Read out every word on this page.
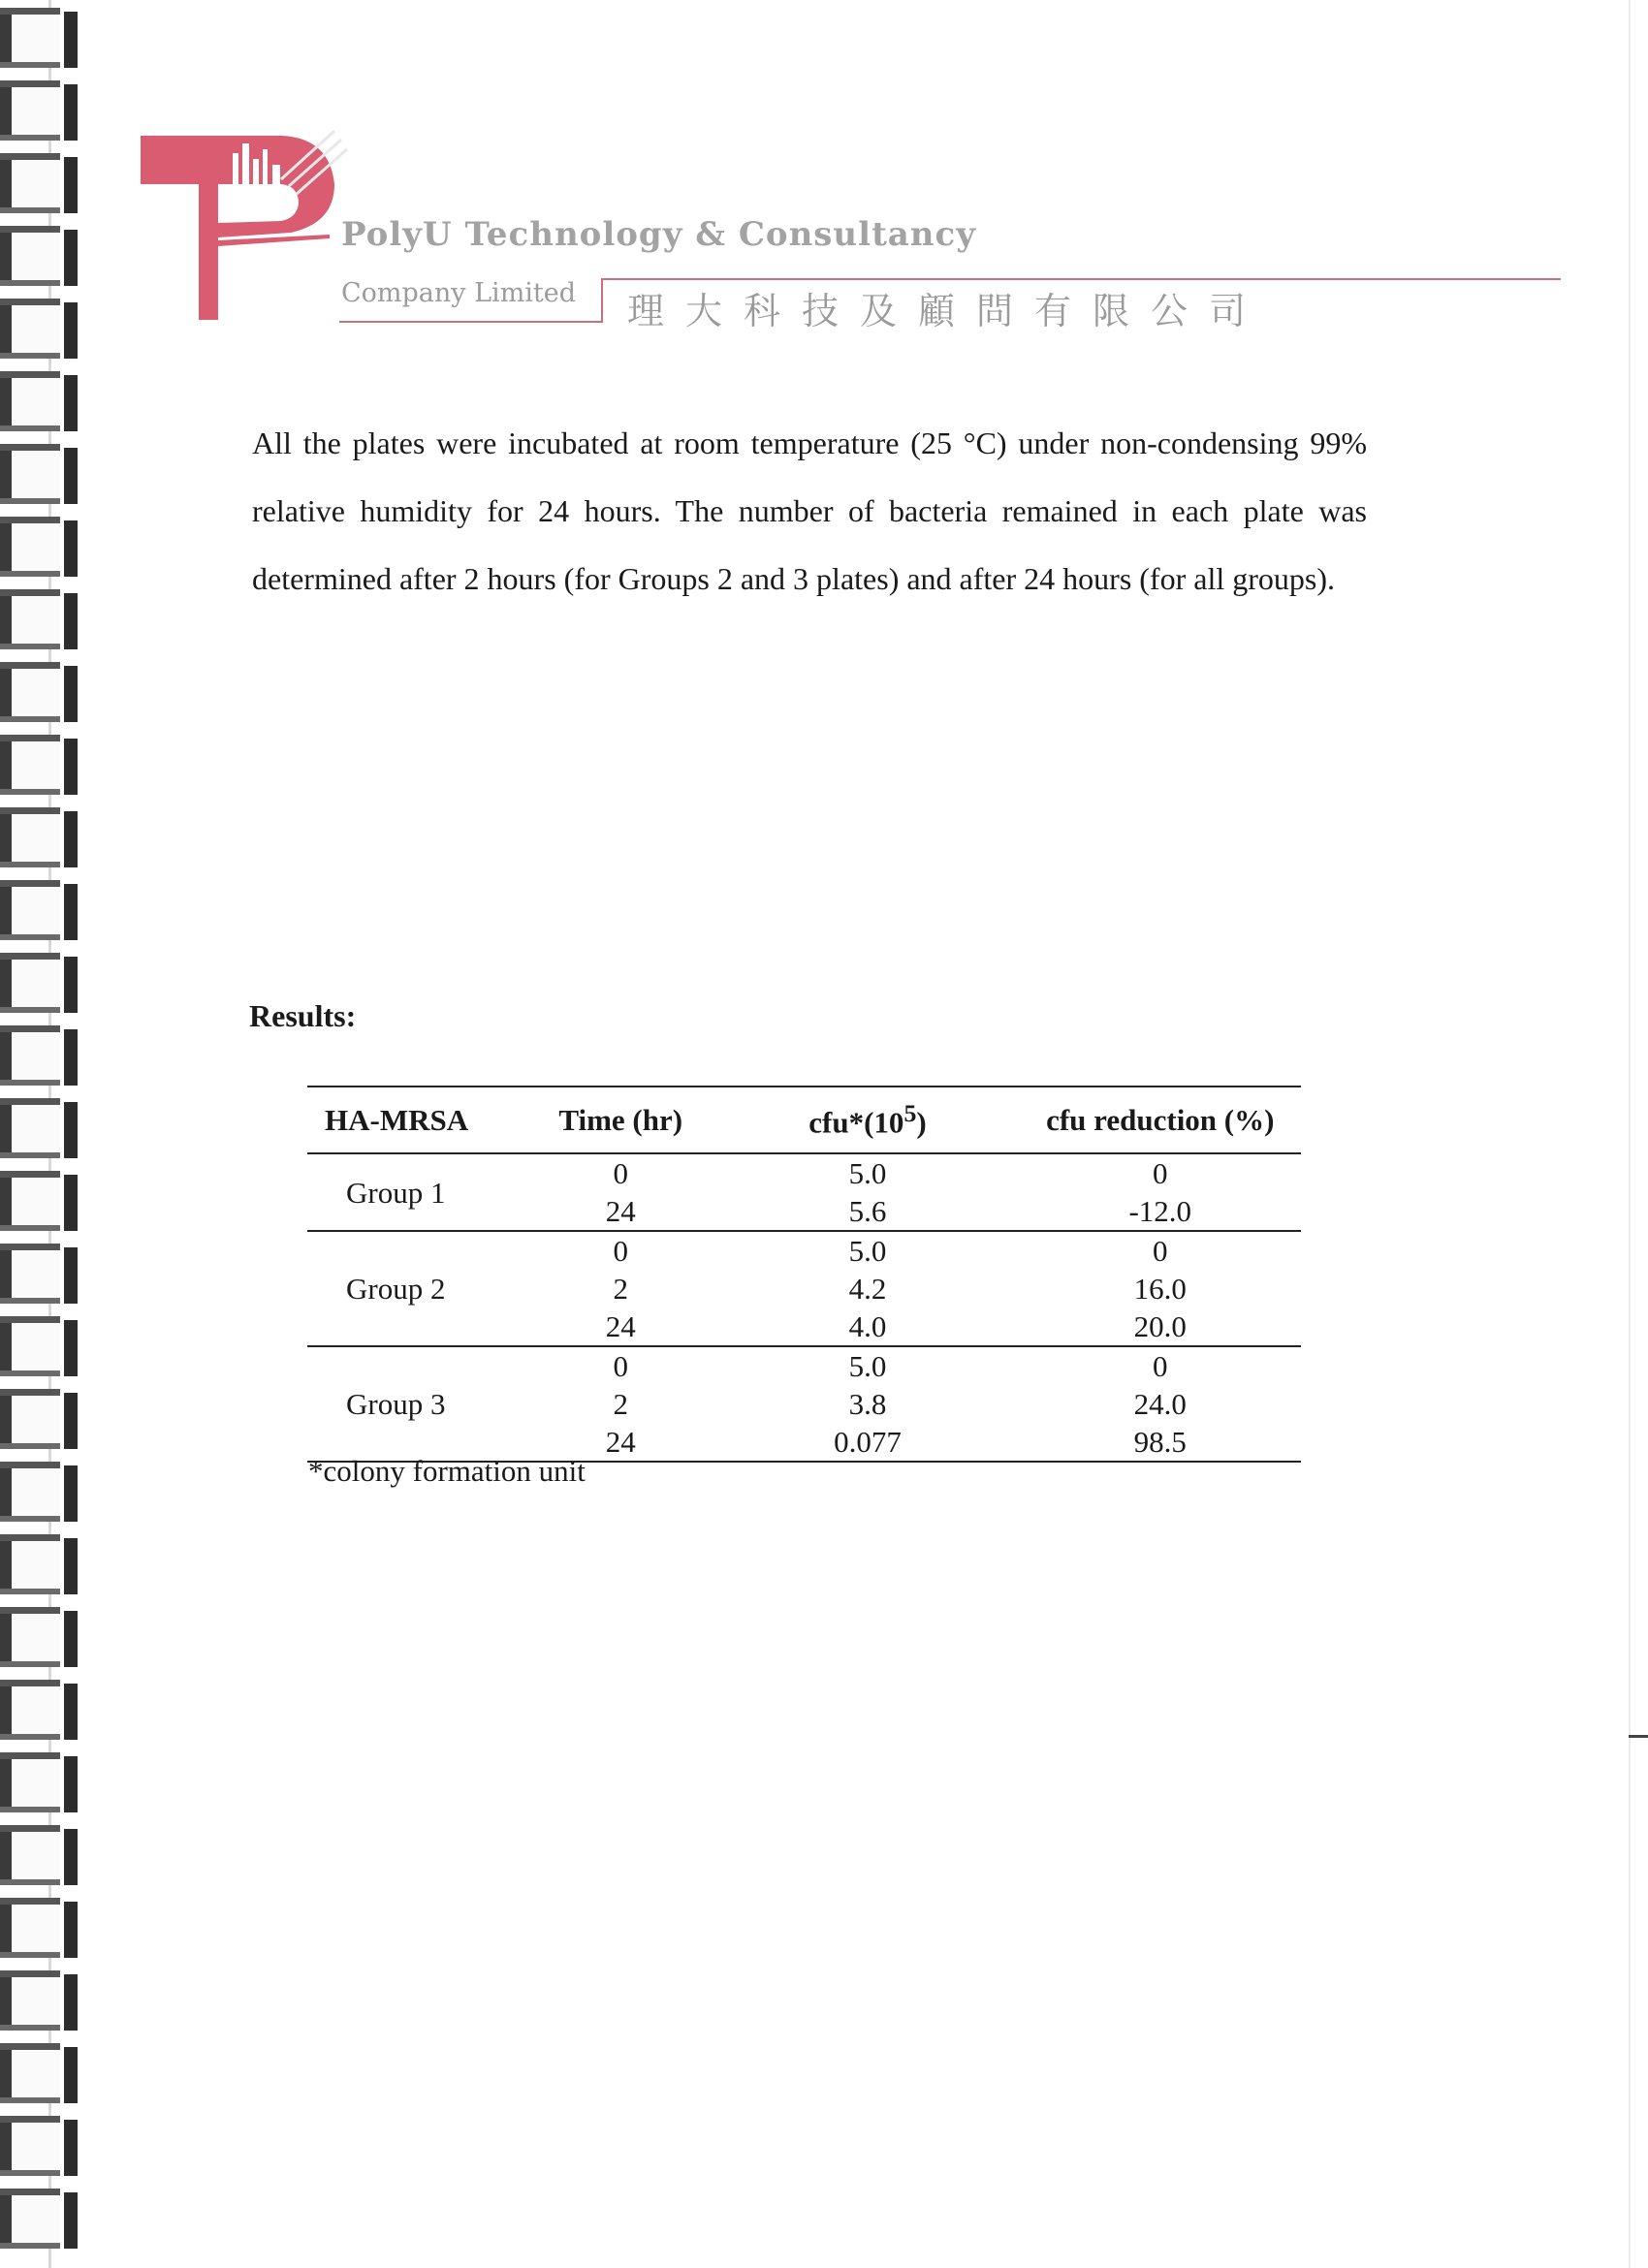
PolyU Technology & Consultancy
Company Limited 理大科技及顧問有限公司

All the plates were incubated at room temperature (25 °C) under non-condensing 99% relative humidity for 24 hours. The number of bacteria remained in each plate was determined after 2 hours (for Groups 2 and 3 plates) and after 24 hours (for all groups).

Results:

HA-MRSA	Time (hr)	$cfu*(10^5)$	cfu reduction (%)
Group 1	0	5.0	0
	24	5.6	-12.0
Group 2	0	5.0	0
	2	4.2	16.0
	24	4.0	20.0
Group 3	0	5.0	0
	2	3.8	24.0
	24	0.077	98.5

*colony formation unit
